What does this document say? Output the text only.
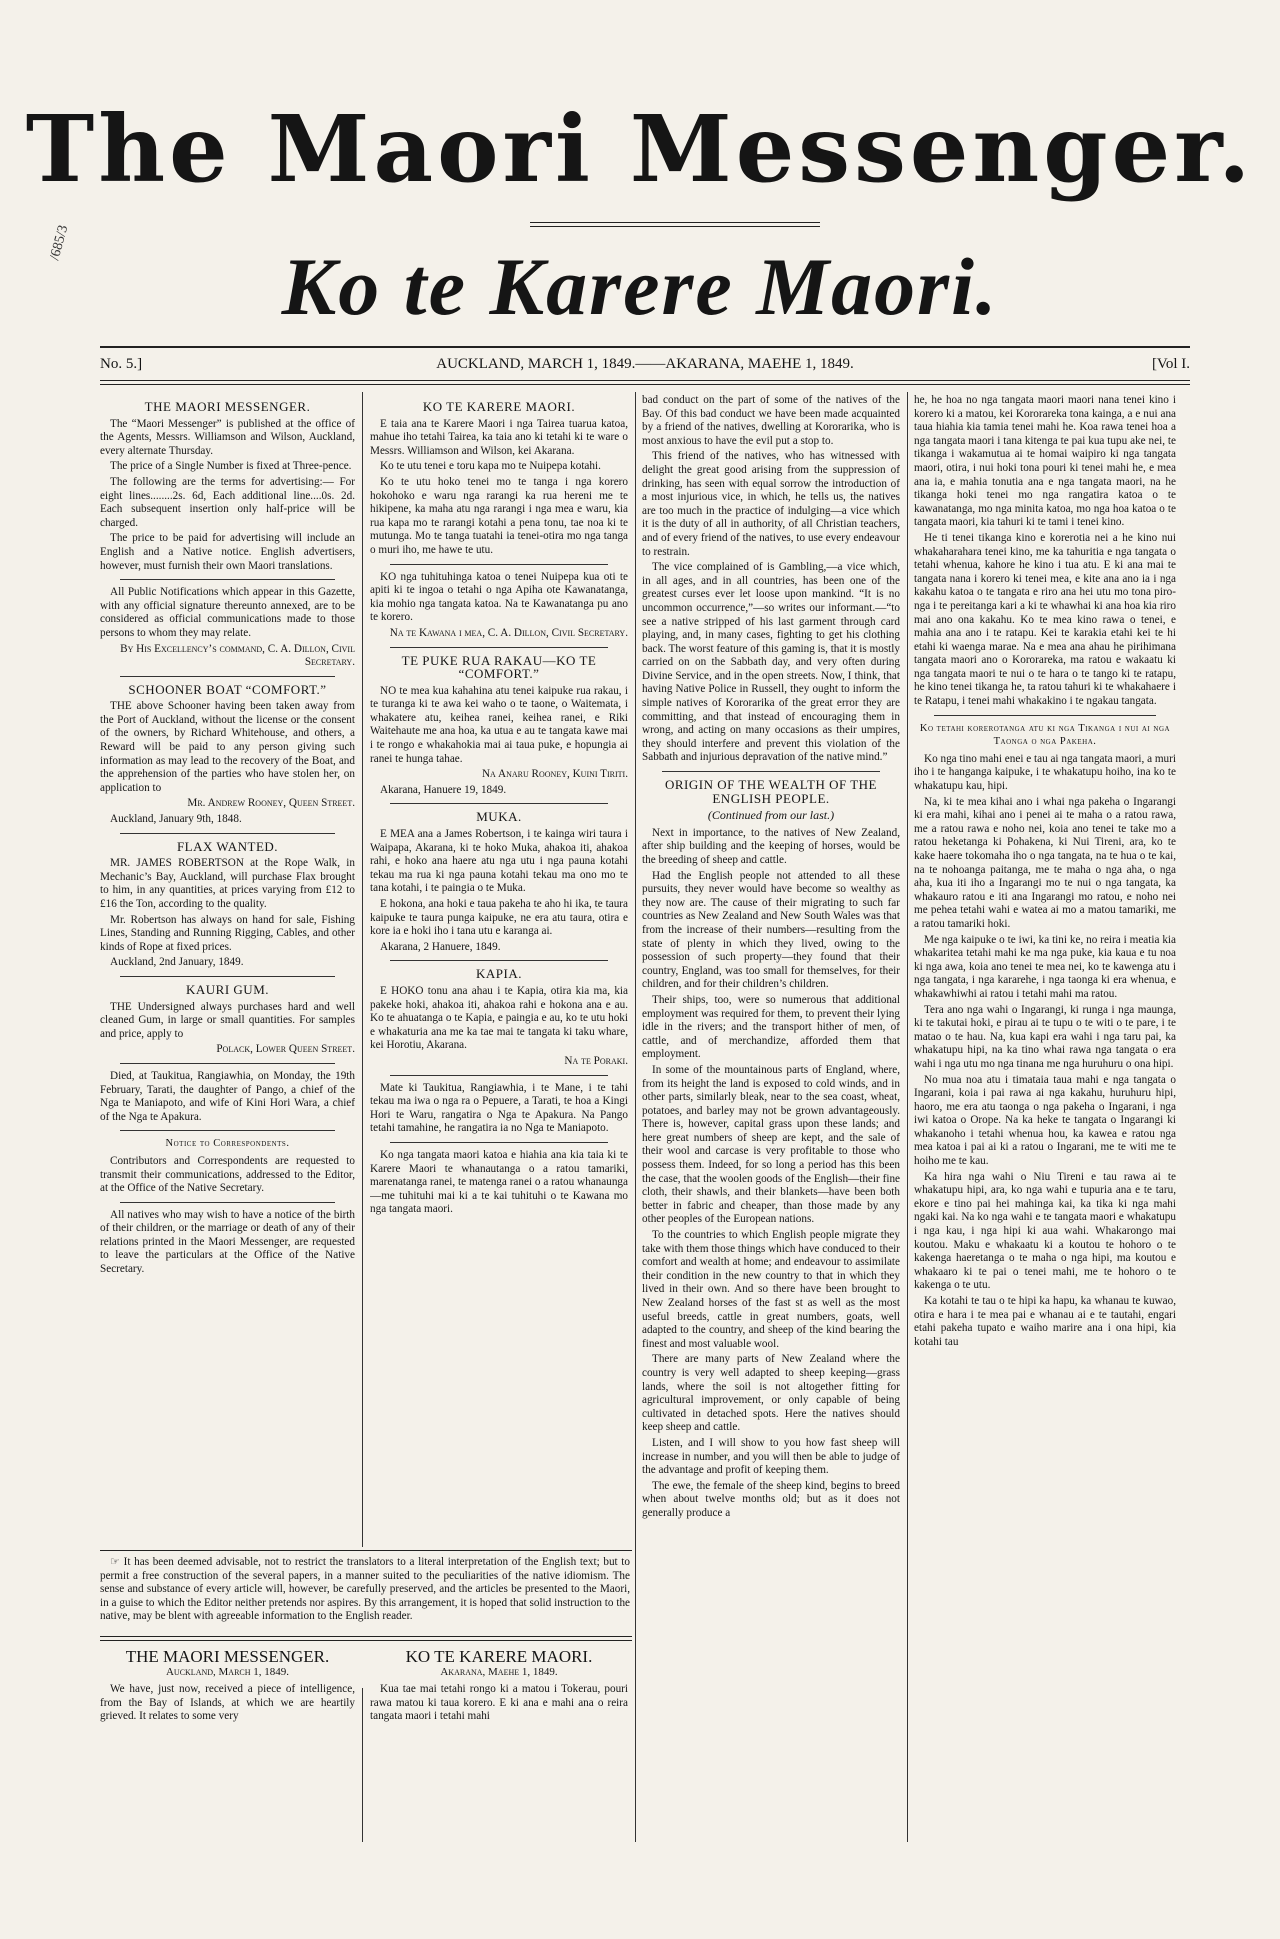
/685/3
The Maori Messenger.
Ko te Karere Maori.
AUCKLAND, MARCH 1, 1849.——AKARANA, MAEHE 1, 1849.
No. 5.]	[Vol I.
THE MAORI MESSENGER.

The “Maori Messenger” is published at the office of the Agents, Messrs. Williamson and Wilson, Auckland, every alternate Thursday.

The price of a Single Number is fixed at Three-pence.

The following are the terms for advertising:— For eight lines........2s. 6d, Each additional line....0s. 2d. Each subsequent insertion only half-price will be charged.

The price to be paid for advertising will include an English and a Native notice. English advertisers, however, must furnish their own Maori translations.

All Public Notifications which appear in this Gazette, with any official signature thereunto annexed, are to be considered as official communications made to those persons to whom they may relate.

By His Excellency’s command, C. A. Dillon, Civil Secretary.

SCHOONER BOAT “COMFORT.”

THE above Schooner having been taken away from the Port of Auckland, without the license or the consent of the owners, by Richard Whitehouse, and others, a Reward will be paid to any person giving such information as may lead to the recovery of the Boat, and the apprehension of the parties who have stolen her, on application to

Mr. Andrew Rooney, Queen Street.

Auckland, January 9th, 1848.

FLAX WANTED.

MR. JAMES ROBERTSON at the Rope Walk, in Mechanic’s Bay, Auckland, will purchase Flax brought to him, in any quantities, at prices varying from £12 to £16 the Ton, according to the quality.

Mr. Robertson has always on hand for sale, Fishing Lines, Standing and Running Rigging, Cables, and other kinds of Rope at fixed prices.

Auckland, 2nd January, 1849.

KAURI GUM.

THE Undersigned always purchases hard and well cleaned Gum, in large or small quantities. For samples and price, apply to

Polack, Lower Queen Street.

Died, at Taukitua, Rangiawhia, on Monday, the 19th February, Tarati, the daughter of Pango, a chief of the Nga te Maniapoto, and wife of Kini Hori Wara, a chief of the Nga te Apakura.

Notice to Correspondents.

Contributors and Correspondents are requested to transmit their communications, addressed to the Editor, at the Office of the Native Secretary.

All natives who may wish to have a notice of the birth of their children, or the marriage or death of any of their relations printed in the Maori Messenger, are requested to leave the particulars at the Office of the Native Secretary.

KO TE KARERE MAORI.

E taia ana te Karere Maori i nga Tairea tuarua katoa, mahue iho tetahi Tairea, ka taia ano ki tetahi ki te ware o Messrs. Williamson and Wilson, kei Akarana.

Ko te utu tenei e toru kapa mo te Nuipepa kotahi.

Ko te utu hoko tenei mo te tanga i nga korero hokohoko e waru nga rarangi ka rua hereni me te hikipene, ka maha atu nga rarangi i nga mea e waru, kia rua kapa mo te rarangi kotahi a pena tonu, tae noa ki te mutunga. Mo te tanga tuatahi ia tenei-otira mo nga tanga o muri iho, me hawe te utu.

KO nga tuhituhinga katoa o tenei Nuipepa kua oti te apiti ki te ingoa o tetahi o nga Apiha ote Kawanatanga, kia mohio nga tangata katoa. Na te Kawanatanga pu ano te korero.

Na te Kawana i mea, C. A. Dillon, Civil Secretary.

TE PUKE RUA RAKAU—KO TE “COMFORT.”

NO te mea kua kahahina atu tenei kaipuke rua rakau, i te turanga ki te awa kei waho o te taone, o Waitemata, i whakatere atu, keihea ranei, keihea ranei, e Riki Waitehaute me ana hoa, ka utua e au te tangata kawe mai i te rongo e whakahokia mai ai taua puke, e hopungia ai ranei te hunga tahae.

Na Anaru Rooney, Kuini Tiriti.

Akarana, Hanuere 19, 1849.

MUKA.

E MEA ana a James Robertson, i te kainga wiri taura i Waipapa, Akarana, ki te hoko Muka, ahakoa iti, ahakoa rahi, e hoko ana haere atu nga utu i nga pauna kotahi tekau ma rua ki nga pauna kotahi tekau ma ono mo te tana kotahi, i te paingia o te Muka.

E hokona, ana hoki e taua pakeha te aho hi ika, te taura kaipuke te taura punga kaipuke, ne era atu taura, otira e kore ia e hoki iho i tana utu e karanga ai.

Akarana, 2 Hanuere, 1849.

KAPIA.

E HOKO tonu ana ahau i te Kapia, otira kia ma, kia pakeke hoki, ahakoa iti, ahakoa rahi e hokona ana e au. Ko te ahuatanga o te Kapia, e paingia e au, ko te utu hoki e whakaturia ana me ka tae mai te tangata ki taku whare, kei Horotiu, Akarana.

Na te Poraki.

Mate ki Taukitua, Rangiawhia, i te Mane, i te tahi tekau ma iwa o nga ra o Pepuere, a Tarati, te hoa a Kingi Hori te Waru, rangatira o Nga te Apakura. Na Pango tetahi tamahine, he rangatira ia no Nga te Maniapoto.

Ko nga tangata maori katoa e hiahia ana kia taia ki te Karere Maori te whanautanga o a ratou tamariki, marenatanga ranei, te matenga ranei o a ratou whanaunga—me tuhituhi mai ki a te kai tuhituhi o te Kawana mo nga tangata maori.

☞ It has been deemed advisable, not to restrict the translators to a literal interpretation of the English text; but to permit a free construction of the several papers, in a manner suited to the peculiarities of the native idiomism. The sense and substance of every article will, however, be carefully preserved, and the articles be presented to the Maori, in a guise to which the Editor neither pretends nor aspires. By this arrangement, it is hoped that solid instruction to the native, may be blent with agreeable information to the English reader.

THE MAORI MESSENGER.
Auckland, March 1, 1849.

We have, just now, received a piece of intelligence, from the Bay of Islands, at which we are heartily grieved. It relates to some very

KO TE KARERE MAORI.
Akarana, Maehe 1, 1849.

Kua tae mai tetahi rongo ki a matou i Tokerau, pouri rawa matou ki taua korero. E ki ana e mahi ana o reira tangata maori i tetahi mahi

bad conduct on the part of some of the natives of the Bay. Of this bad conduct we have been made acquainted by a friend of the natives, dwelling at Kororarika, who is most anxious to have the evil put a stop to.

This friend of the natives, who has witnessed with delight the great good arising from the suppression of drinking, has seen with equal sorrow the introduction of a most injurious vice, in which, he tells us, the natives are too much in the practice of indulging—a vice which it is the duty of all in authority, of all Christian teachers, and of every friend of the natives, to use every endeavour to restrain.

The vice complained of is Gambling,—a vice which, in all ages, and in all countries, has been one of the greatest curses ever let loose upon mankind. “It is no uncommon occurrence,”—so writes our informant.—“to see a native stripped of his last garment through card playing, and, in many cases, fighting to get his clothing back. The worst feature of this gaming is, that it is mostly carried on on the Sabbath day, and very often during Divine Service, and in the open streets. Now, I think, that having Native Police in Russell, they ought to inform the simple natives of Kororarika of the great error they are committing, and that instead of encouraging them in wrong, and acting on many occasions as their umpires, they should interfere and prevent this violation of the Sabbath and injurious depravation of the native mind.”

ORIGIN OF THE WEALTH OF THE ENGLISH PEOPLE.
(Continued from our last.)

Next in importance, to the natives of New Zealand, after ship building and the keeping of horses, would be the breeding of sheep and cattle.

Had the English people not attended to all these pursuits, they never would have become so wealthy as they now are. The cause of their migrating to such far countries as New Zealand and New South Wales was that from the increase of their numbers—resulting from the state of plenty in which they lived, owing to the possession of such property—they found that their country, England, was too small for themselves, for their children, and for their children’s children.

Their ships, too, were so numerous that additional employment was required for them, to prevent their lying idle in the rivers; and the transport hither of men, of cattle, and of merchandize, afforded them that employment.

In some of the mountainous parts of England, where, from its height the land is exposed to cold winds, and in other parts, similarly bleak, near to the sea coast, wheat, potatoes, and barley may not be grown advantageously. There is, however, capital grass upon these lands; and here great numbers of sheep are kept, and the sale of their wool and carcase is very profitable to those who possess them. Indeed, for so long a period has this been the case, that the woolen goods of the English—their fine cloth, their shawls, and their blankets—have been both better in fabric and cheaper, than those made by any other peoples of the European nations.

To the countries to which English people migrate they take with them those things which have conduced to their comfort and wealth at home; and endeavour to assimilate their condition in the new country to that in which they lived in their own. And so there have been brought to New Zealand horses of the fast st as well as the most useful breeds, cattle in great numbers, goats, well adapted to the country, and sheep of the kind bearing the finest and most valuable wool.

There are many parts of New Zealand where the country is very well adapted to sheep keeping—grass lands, where the soil is not altogether fitting for agricultural improvement, or only capable of being cultivated in detached spots. Here the natives should keep sheep and cattle.

Listen, and I will show to you how fast sheep will increase in number, and you will then be able to judge of the advantage and profit of keeping them.

The ewe, the female of the sheep kind, begins to breed when about twelve months old; but as it does not generally produce a

he, he hoa no nga tangata maori maori nana tenei kino i korero ki a matou, kei Kororareka tona kainga, a e nui ana taua hiahia kia tamia tenei mahi he. Koa rawa tenei hoa a nga tangata maori i tana kitenga te pai kua tupu ake nei, te tikanga i wakamutua ai te homai waipiro ki nga tangata maori, otira, i nui hoki tona pouri ki tenei mahi he, e mea ana ia, e mahia tonutia ana e nga tangata maori, na he tikanga hoki tenei mo nga rangatira katoa o te kawanatanga, mo nga minita katoa, mo nga hoa katoa o te tangata maori, kia tahuri ki te tami i tenei kino.

He ti tenei tikanga kino e korerotia nei a he kino nui whakaharahara tenei kino, me ka tahuritia e nga tangata o tetahi whenua, kahore he kino i tua atu. E ki ana mai te tangata nana i korero ki tenei mea, e kite ana ano ia i nga kakahu katoa o te tangata e riro ana hei utu mo tona piro-nga i te pereitanga kari a ki te whawhai ki ana hoa kia riro mai ano ona kakahu. Ko te mea kino rawa o tenei, e mahia ana ano i te ratapu. Kei te karakia etahi kei te hi etahi ki waenga marae. Na e mea ana ahau he pirihimana tangata maori ano o Kororareka, ma ratou e wakaatu ki nga tangata maori te nui o te hara o te tango ki te ratapu, he kino tenei tikanga he, ta ratou tahuri ki te whakahaere i te Ratapu, i tenei mahi whakakino i te ngakau tangata.

Ko tetahi korerotanga atu ki nga Tikanga i nui ai nga Taonga o nga Pakeha.

Ko nga tino mahi enei e tau ai nga tangata maori, a muri iho i te hanganga kaipuke, i te whakatupu hoiho, ina ko te whakatupu kau, hipi.

Na, ki te mea kihai ano i whai nga pakeha o Ingarangi ki era mahi, kihai ano i penei ai te maha o a ratou rawa, me a ratou rawa e noho nei, koia ano tenei te take mo a ratou heketanga ki Pohakena, ki Nui Tireni, ara, ko te kake haere tokomaha iho o nga tangata, na te hua o te kai, na te nohoanga paitanga, me te maha o nga aha, o nga aha, kua iti iho a Ingarangi mo te nui o nga tangata, ka whakauro ratou e iti ana Ingarangi mo ratou, e noho nei me pehea tetahi wahi e watea ai mo a matou tamariki, me a ratou tamariki hoki.

Me nga kaipuke o te iwi, ka tini ke, no reira i meatia kia whakaritea tetahi mahi ke ma nga puke, kia kaua e tu noa ki nga awa, koia ano tenei te mea nei, ko te kawenga atu i nga tangata, i nga kararehe, i nga taonga ki era whenua, e whakawhiwhi ai ratou i tetahi mahi ma ratou.

Tera ano nga wahi o Ingarangi, ki runga i nga maunga, ki te takutai hoki, e pirau ai te tupu o te witi o te pare, i te matao o te hau. Na, kua kapi era wahi i nga taru pai, ka whakatupu hipi, na ka tino whai rawa nga tangata o era wahi i nga utu mo nga tinana me nga huruhuru o ona hipi.

No mua noa atu i timataia taua mahi e nga tangata o Ingarani, koia i pai rawa ai nga kakahu, huruhuru hipi, haoro, me era atu taonga o nga pakeha o Ingarani, i nga iwi katoa o Orope. Na ka heke te tangata o Ingarangi ki whakanoho i tetahi whenua hou, ka kawea e ratou nga mea katoa i pai ai ki a ratou o Ingarani, me te witi me te hoiho me te kau.

Ka hira nga wahi o Niu Tireni e tau rawa ai te whakatupu hipi, ara, ko nga wahi e tupuria ana e te taru, ekore e tino pai hei mahinga kai, ka tika ki nga mahi ngaki kai. Na ko nga wahi e te tangata maori e whakatupu i nga kau, i nga hipi ki aua wahi. Whakarongo mai koutou. Maku e whakaatu ki a koutou te hohoro o te kakenga haeretanga o te maha o nga hipi, ma koutou e whakaaro ki te pai o tenei mahi, me te hohoro o te kakenga o te utu.

Ka kotahi te tau o te hipi ka hapu, ka whanau te kuwao, otira e hara i te mea pai e whanau ai e te tautahi, engari etahi pakeha tupato e waiho marire ana i ona hipi, kia kotahi tau
